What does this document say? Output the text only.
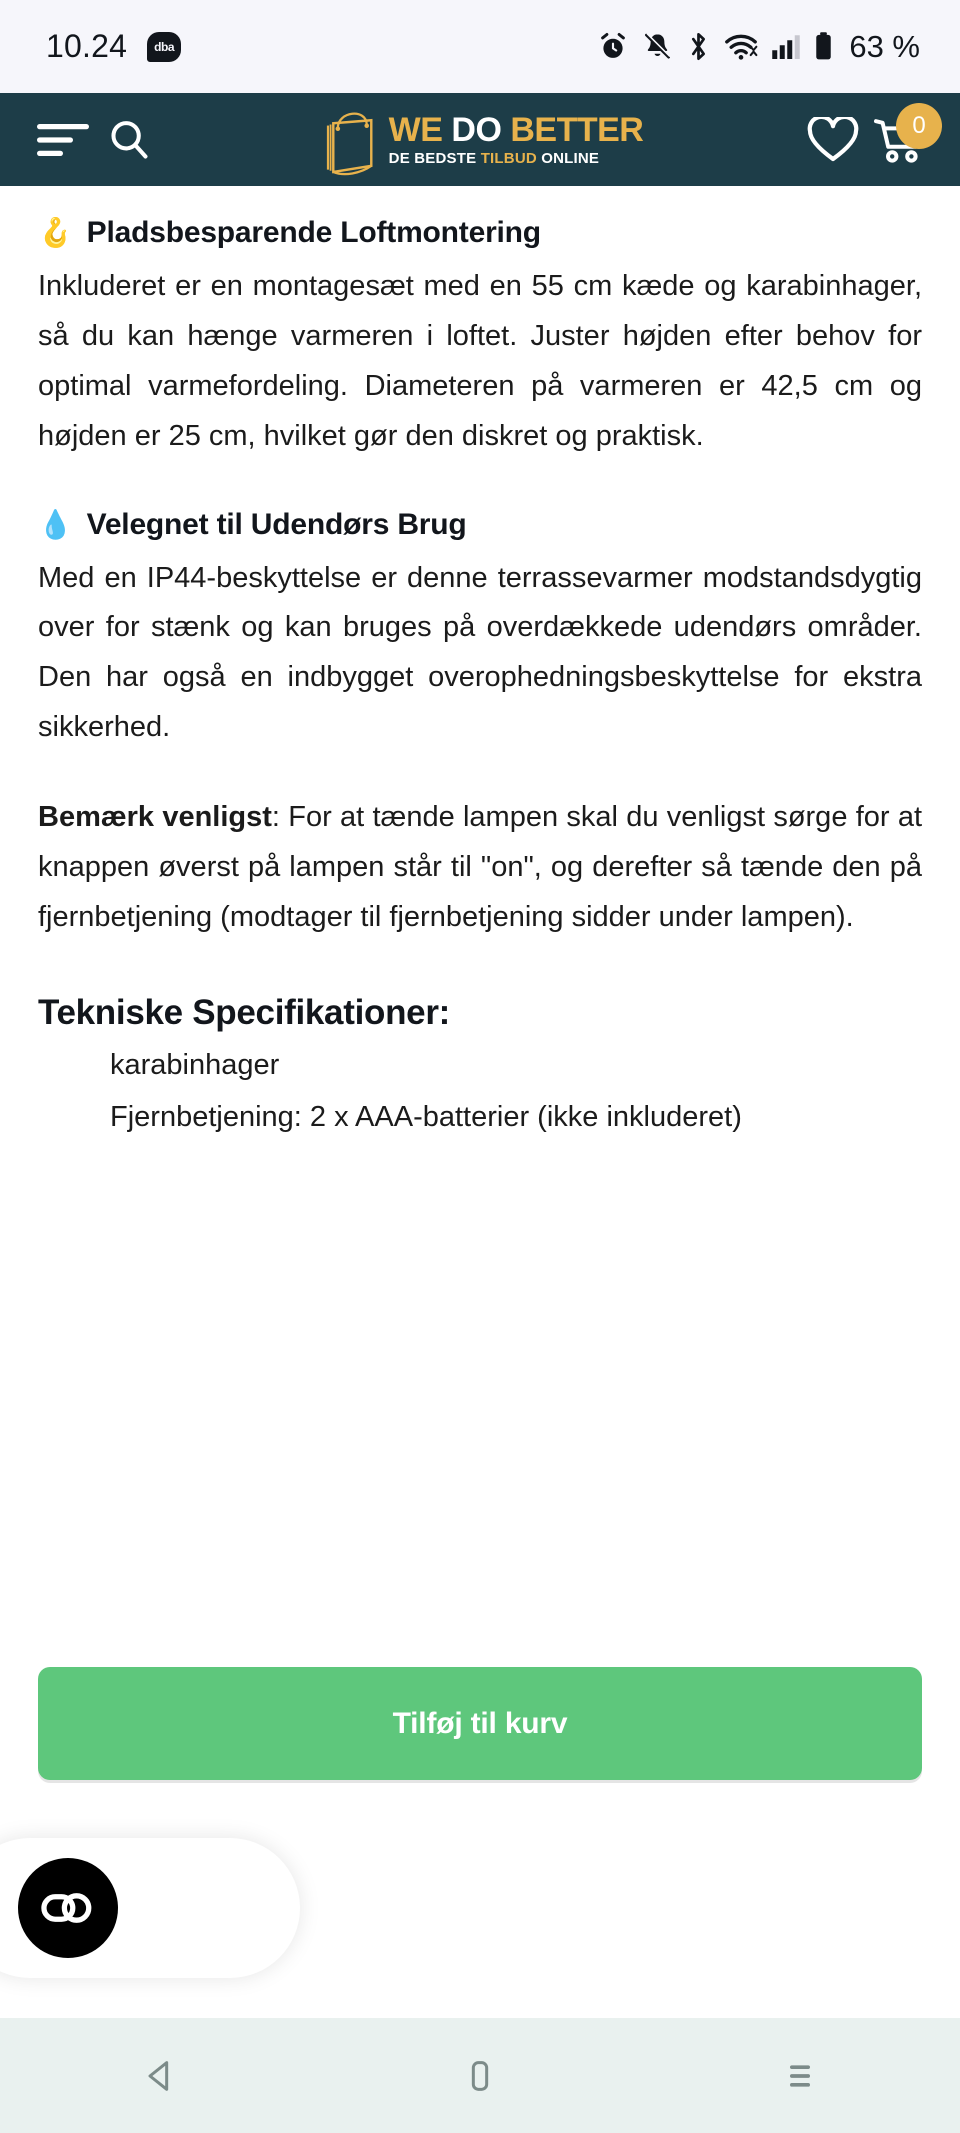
10.24 dba	63 %
WE DO BETTER
DE BEDSTE TILBUD ONLINE
0
🪝 Pladsbesparende Loftmontering

Inkluderet er en montagesæt med en 55 cm kæde og karabinhager, så du kan hænge varmeren i loftet. Juster højden efter behov for optimal varmefordeling. Diameteren på varmeren er 42,5 cm og højden er 25 cm, hvilket gør den diskret og praktisk.

💧 Velegnet til Udendørs Brug

Med en IP44-beskyttelse er denne terrassevarmer modstandsdygtig over for stænk og kan bruges på overdækkede udendørs områder. Den har også en indbygget overophedningsbeskyttelse for ekstra sikkerhed.

Bemærk venligst: For at tænde lampen skal du venligst sørge for at knappen øverst på lampen står til "on", og derefter så tænde den på fjernbetjening (modtager til fjernbetjening sidder under lampen).

Tekniske Specifikationer:
karabinhager
Fjernbetjening: 2 x AAA-batterier (ikke inkluderet)
Tilføj til kurv
